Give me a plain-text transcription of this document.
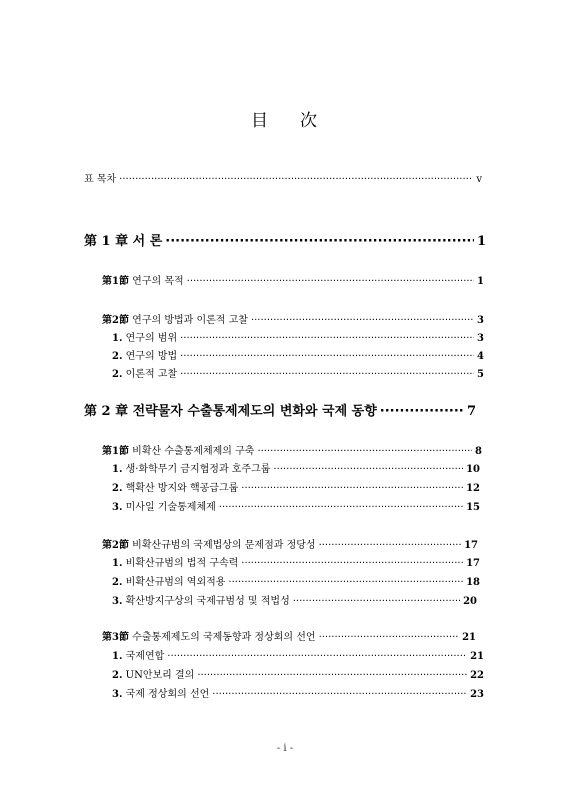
目 次
표 목차 ·····	v
第 1 章 서 론 ·····	1
第1節 연구의 목적 ·····	1
第2節 연구의 방법과 이론적 고찰 ·····	3
1. 연구의 범위 ·····	3
2. 연구의 방법 ·····	4
2. 이론적 고찰 ·····	5
第 2 章 전략물자 수출통제제도의 변화와 국제 동향 ·····	7
第1節 비확산 수출통제체제의 구축 ·····	8
1. 생·화학무기 금지협정과 호주그룹 ·····	10
2. 핵확산 방지와 핵공급그룹 ·····	12
3. 미사일 기술통제체제 ·····	15
第2節 비확산규범의 국제법상의 문제점과 정당성 ·····	17
1. 비확산규범의 법적 구속력 ·····	17
2. 비확산규범의 역외적용 ·····	18
3. 확산방지구상의 국제규범성 및 적법성 ·····	20
第3節 수출통제제도의 국제동향과 정상회의 선언 ·····	21
1. 국제연합 ·····	21
2. UN안보리 결의 ·····	22
3. 국제 정상회의 선언 ·····	23
- i -
